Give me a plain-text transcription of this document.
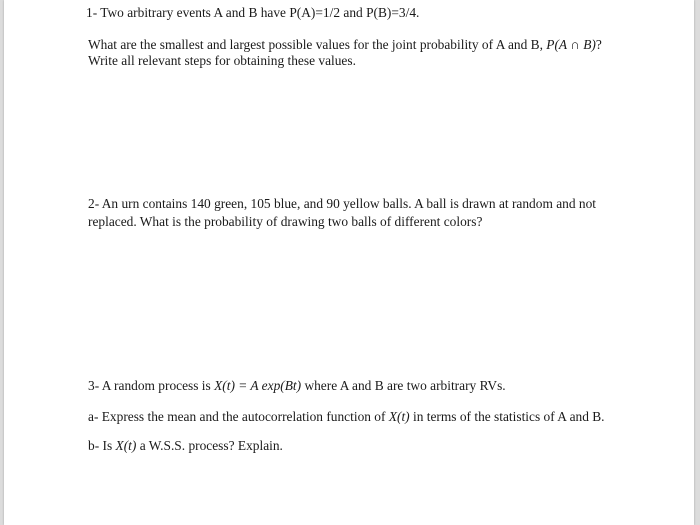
1- Two arbitrary events A and B have P(A)=1/2 and P(B)=3/4.
What are the smallest and largest possible values for the joint probability of A and B, P(A ∩ B)?
Write all relevant steps for obtaining these values.
2- An urn contains 140 green, 105 blue, and 90 yellow balls. A ball is drawn at random and not
replaced. What is the probability of drawing two balls of different colors?
3- A random process is X(t) = A exp(Bt) where A and B are two arbitrary RVs.
a- Express the mean and the autocorrelation function of X(t) in terms of the statistics of A and B.
b- Is X(t) a W.S.S. process? Explain.
